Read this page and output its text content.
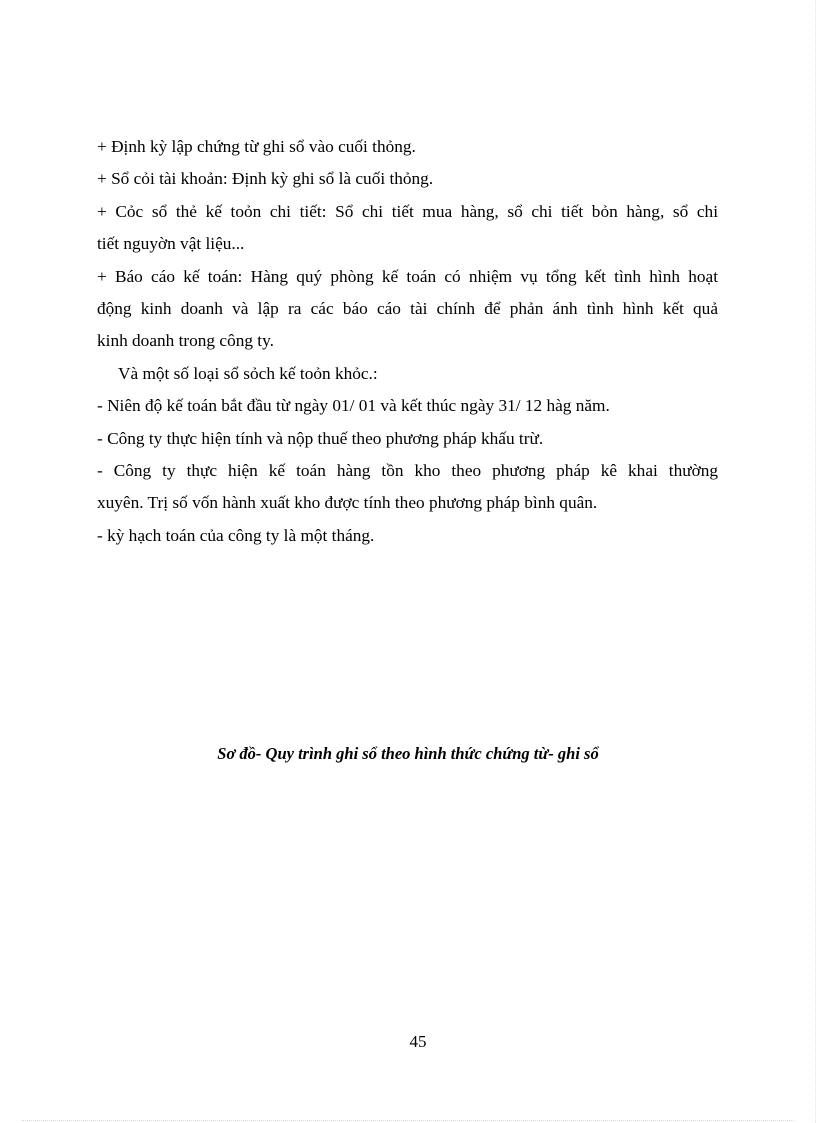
+ Định kỳ lập chứng từ ghi sổ vào cuối thỏng.
+ Sổ cỏi tài khoản: Định kỳ ghi sổ là cuối thỏng.
+ Cỏc sổ thẻ kế toỏn chi tiết: Sổ chi tiết mua hàng, sổ chi tiết bỏn hàng, sổ chi
tiết nguyờn vật liệu...
+ Báo cáo kế toán: Hàng quý phòng kế toán có nhiệm vụ tổng kết tình hình hoạt
động kinh doanh và lập ra các báo cáo tài chính để phản ánh tình hình kết quả
kinh doanh trong công ty.
Và một số loại sổ sỏch kế toỏn khỏc.:
- Niên độ kế toán bắt đầu từ ngày 01/ 01 và kết thúc ngày 31/ 12 hàg năm.
- Công ty thực hiện tính và nộp thuế theo phương pháp khấu trừ.
- Công ty thực hiện kế toán hàng tồn kho theo phương pháp kê khai thường
xuyên. Trị số vốn hành xuất kho được tính theo phương pháp bình quân.
- kỳ hạch toán của công ty là một tháng.
Sơ đồ- Quy trình ghi sổ theo hình thức chứng từ- ghi sổ
45
